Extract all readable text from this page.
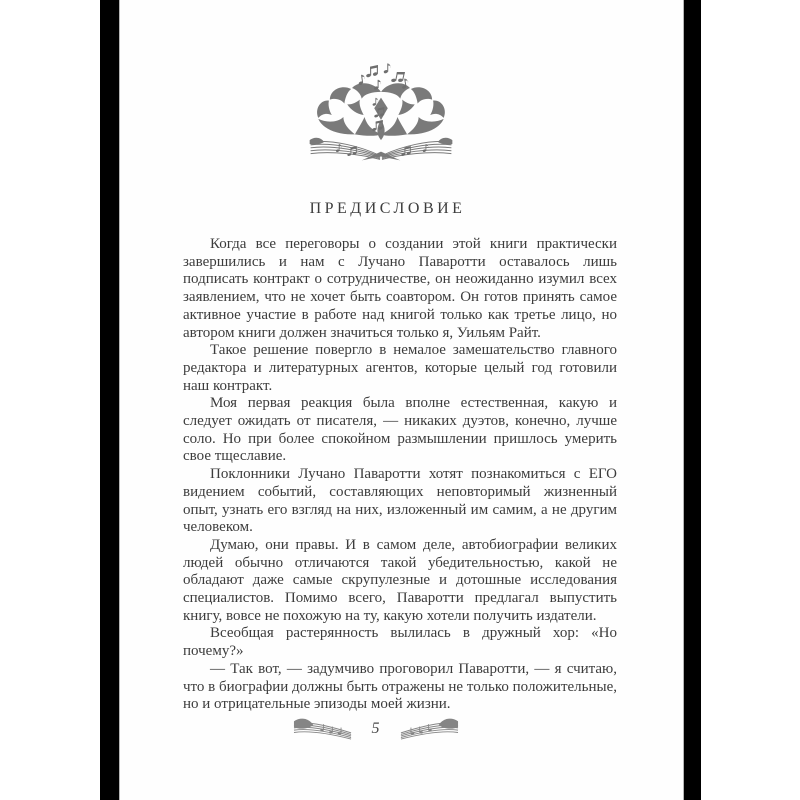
ПРЕДИСЛОВИЕ

Когда все переговоры о создании этой книги практически завершились и нам с Лучано Паваротти оставалось лишь подписать контракт о сотрудничестве, он неожиданно изумил всех заявлением, что не хочет быть соавтором. Он готов принять самое активное участие в работе над книгой только как третье лицо, но автором книги должен значиться только я, Уильям Райт.

Такое решение повергло в немалое замешательство главного редактора и литературных агентов, которые целый год готовили наш контракт.

Моя первая реакция была вполне естественная, какую и следует ожидать от писателя, — никаких дуэтов, конечно, лучше соло. Но при более спокойном размышлении пришлось умерить свое тщеславие.

Поклонники Лучано Паваротти хотят познакомиться с ЕГО видением событий, составляющих неповторимый жизненный опыт, узнать его взгляд на них, изложенный им самим, а не другим человеком.

Думаю, они правы. И в самом деле, автобиографии великих людей обычно отличаются такой убедительностью, какой не обладают даже самые скрупулезные и дотошные исследования специалистов. Помимо всего, Паваротти предлагал выпустить книгу, вовсе не похожую на ту, какую хотели получить издатели.

Всеобщая растерянность вылилась в дружный хор: «Но почему?»

— Так вот, — задумчиво проговорил Паваротти, — я считаю, что в биографии должны быть отражены не только положительные, но и отрицательные эпизоды моей жизни.

5
